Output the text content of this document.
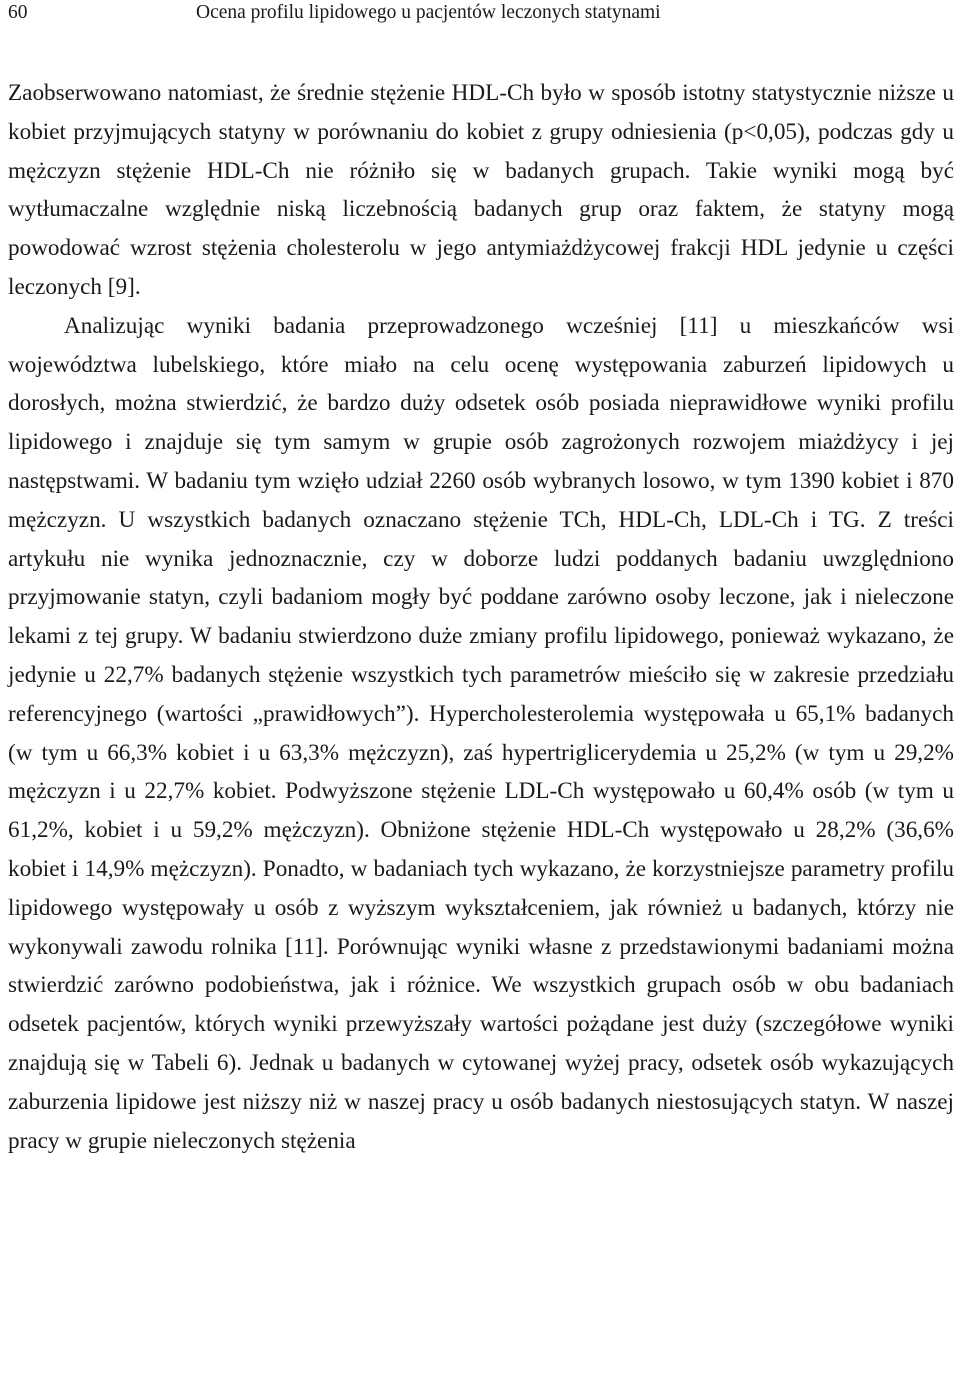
60	Ocena profilu lipidowego u pacjentów leczonych statynami

Zaobserwowano natomiast, że średnie stężenie HDL-Ch było w sposób istotny statystycznie niższe u kobiet przyjmujących statyny w porównaniu do kobiet z grupy odniesienia (p<0,05), podczas gdy u mężczyzn stężenie HDL-Ch nie różniło się w badanych grupach. Takie wyniki mogą być wytłumaczalne względnie niską liczebnością badanych grup oraz faktem, że statyny mogą powodować wzrost stężenia cholesterolu w jego antymiażdżycowej frakcji HDL jedynie u części leczonych [9].

Analizując wyniki badania przeprowadzonego wcześniej [11] u mieszkańców wsi województwa lubelskiego, które miało na celu ocenę występowania zaburzeń lipidowych u dorosłych, można stwierdzić, że bardzo duży odsetek osób posiada nieprawidłowe wyniki profilu lipidowego i znajduje się tym samym w grupie osób zagrożonych rozwojem miażdżycy i jej następstwami. W badaniu tym wzięło udział 2260 osób wybranych losowo, w tym 1390 kobiet i 870 mężczyzn. U wszystkich badanych oznaczano stężenie TCh, HDL-Ch, LDL-Ch i TG. Z treści artykułu nie wynika jednoznacznie, czy w doborze ludzi poddanych badaniu uwzględniono przyjmowanie statyn, czyli badaniom mogły być poddane zarówno osoby leczone, jak i nieleczone lekami z tej grupy. W badaniu stwierdzono duże zmiany profilu lipidowego, ponieważ wykazano, że jedynie u 22,7% badanych stężenie wszystkich tych parametrów mieściło się w zakresie przedziału referencyjnego (wartości „prawidłowych”). Hypercholesterolemia występowała u 65,1% badanych (w tym u 66,3% kobiet i u 63,3% mężczyzn), zaś hypertriglicerydemia u 25,2% (w tym u 29,2% mężczyzn i u 22,7% kobiet. Podwyższone stężenie LDL-Ch występowało u 60,4% osób (w tym u 61,2%, kobiet i u 59,2% mężczyzn). Obniżone stężenie HDL-Ch występowało u 28,2% (36,6% kobiet i 14,9% mężczyzn). Ponadto, w badaniach tych wykazano, że korzystniejsze parametry profilu lipidowego występowały u osób z wyższym wykształceniem, jak również u badanych, którzy nie wykonywali zawodu rolnika [11]. Porównując wyniki własne z przedstawionymi badaniami można stwierdzić zarówno podobieństwa, jak i różnice. We wszystkich grupach osób w obu badaniach odsetek pacjentów, których wyniki przewyższały wartości pożądane jest duży (szczegółowe wyniki znajdują się w Tabeli 6). Jednak u badanych w cytowanej wyżej pracy, odsetek osób wykazujących zaburzenia lipidowe jest niższy niż w naszej pracy u osób badanych niestosujących statyn. W naszej pracy w grupie nieleczonych stężenia
